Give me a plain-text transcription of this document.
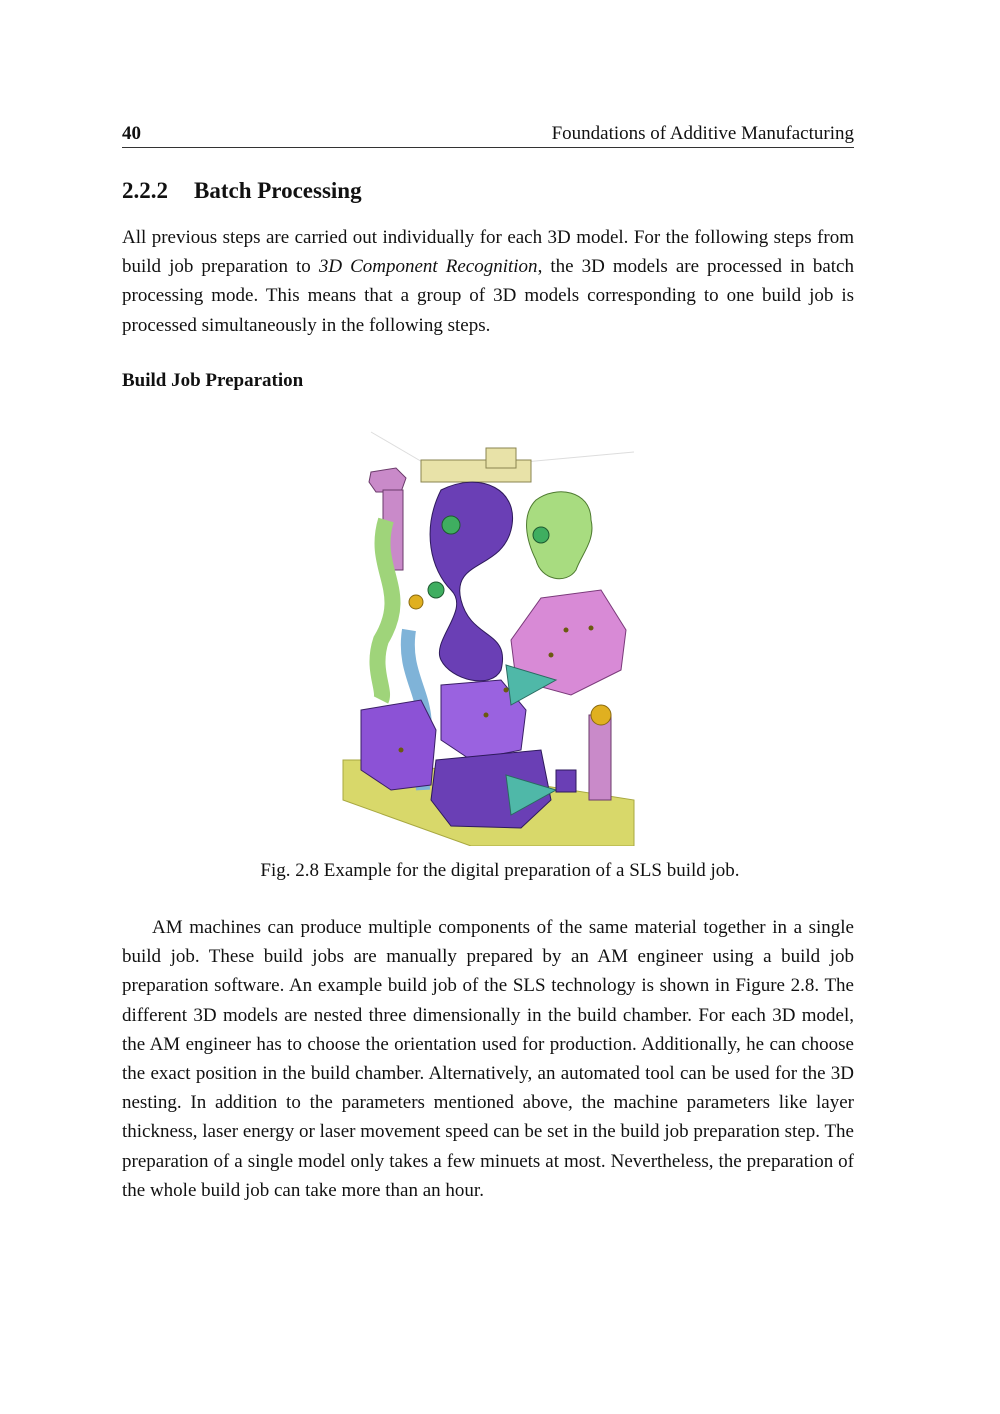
40	Foundations of Additive Manufacturing
2.2.2 Batch Processing

All previous steps are carried out individually for each 3D model. For the following steps from build job preparation to 3D Component Recognition, the 3D models are processed in batch processing mode. This means that a group of 3D models corresponding to one build job is processed simultaneously in the following steps.

Build Job Preparation
Fig. 2.8 Example for the digital preparation of a SLS build job.

AM machines can produce multiple components of the same material together in a single build job. These build jobs are manually prepared by an AM engineer using a build job preparation software. An example build job of the SLS technology is shown in Figure 2.8. The different 3D models are nested three dimensionally in the build chamber. For each 3D model, the AM engineer has to choose the orientation used for production. Additionally, he can choose the exact position in the build chamber. Alternatively, an automated tool can be used for the 3D nesting. In addition to the parameters mentioned above, the machine parameters like layer thickness, laser energy or laser movement speed can be set in the build job preparation step. The preparation of a single model only takes a few minuets at most. Nevertheless, the preparation of the whole build job can take more than an hour.
